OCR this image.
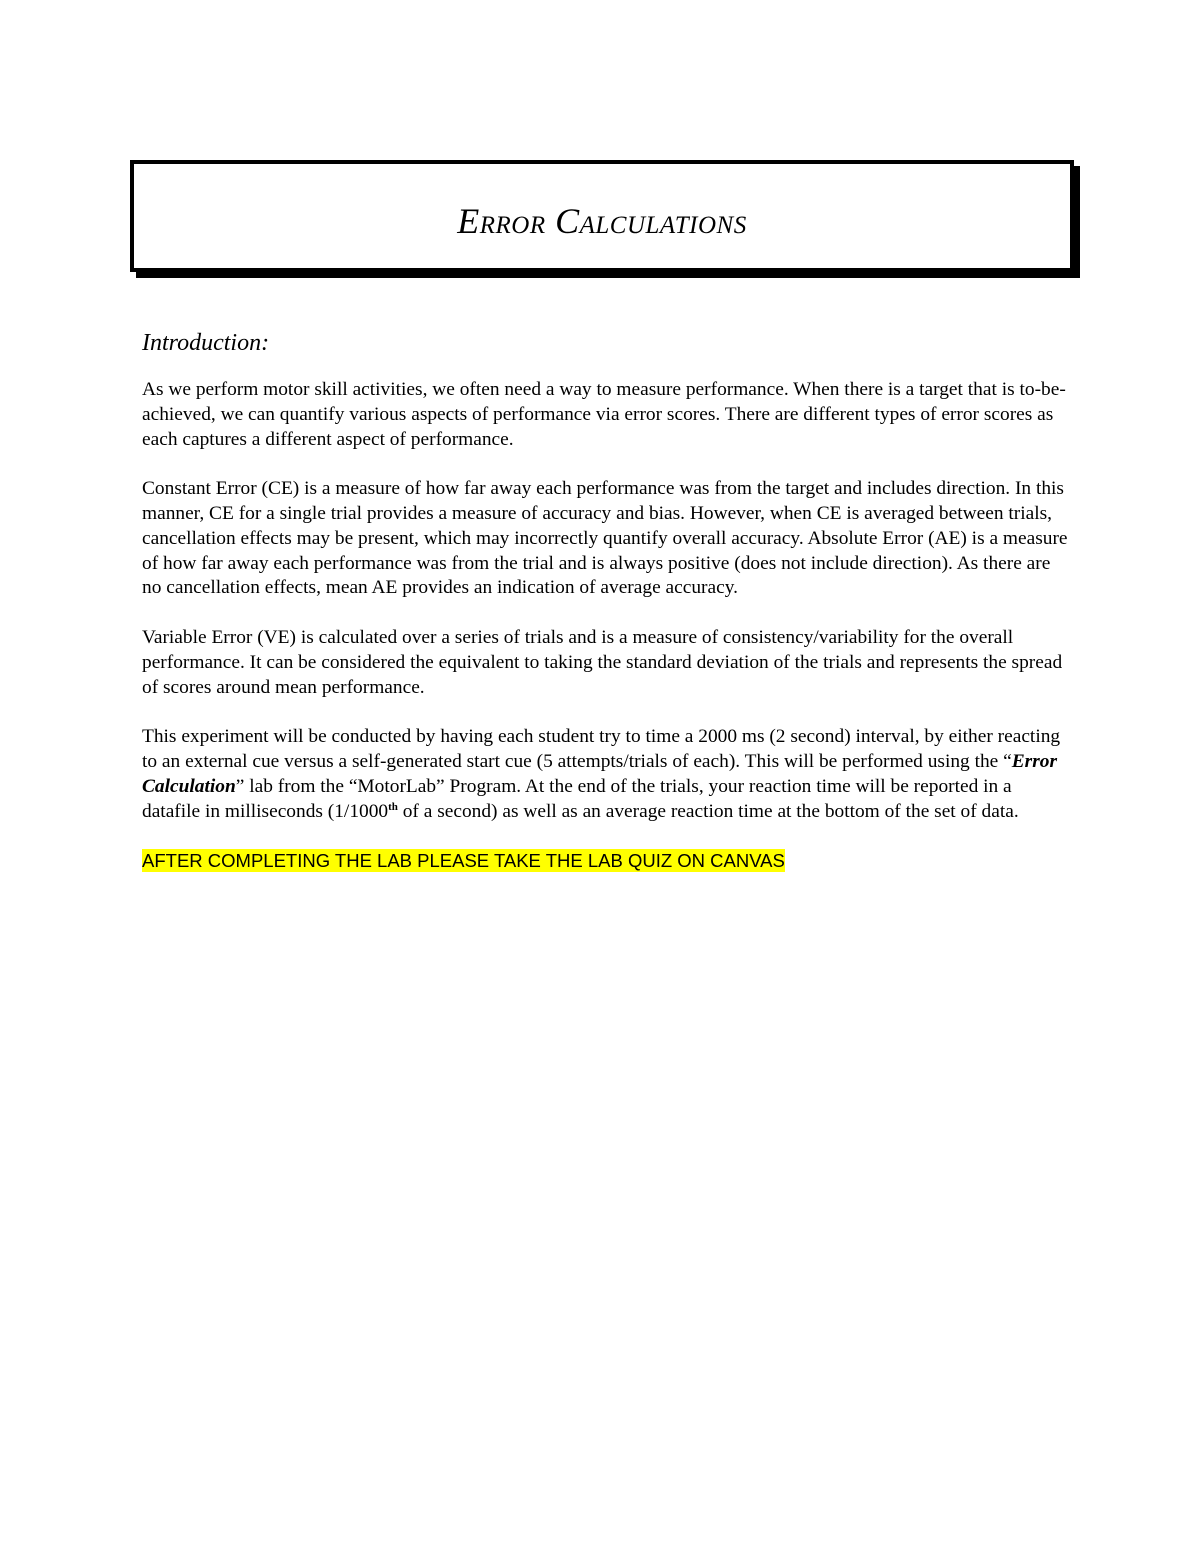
Error Calculations

Introduction:

As we perform motor skill activities, we often need a way to measure performance. When there is a target that is to-be-achieved, we can quantify various aspects of performance via error scores. There are different types of error scores as each captures a different aspect of performance.

Constant Error (CE) is a measure of how far away each performance was from the target and includes direction. In this manner, CE for a single trial provides a measure of accuracy and bias. However, when CE is averaged between trials, cancellation effects may be present, which may incorrectly quantify overall accuracy. Absolute Error (AE) is a measure of how far away each performance was from the trial and is always positive (does not include direction). As there are no cancellation effects, mean AE provides an indication of average accuracy.

Variable Error (VE) is calculated over a series of trials and is a measure of consistency/variability for the overall performance. It can be considered the equivalent to taking the standard deviation of the trials and represents the spread of scores around mean performance.

This experiment will be conducted by having each student try to time a 2000 ms (2 second) interval, by either reacting to an external cue versus a self-generated start cue (5 attempts/trials of each). This will be performed using the “Error Calculation” lab from the “MotorLab” Program. At the end of the trials, your reaction time will be reported in a datafile in milliseconds (1/1000th of a second) as well as an average reaction time at the bottom of the set of data.

AFTER COMPLETING THE LAB PLEASE TAKE THE LAB QUIZ ON CANVAS
